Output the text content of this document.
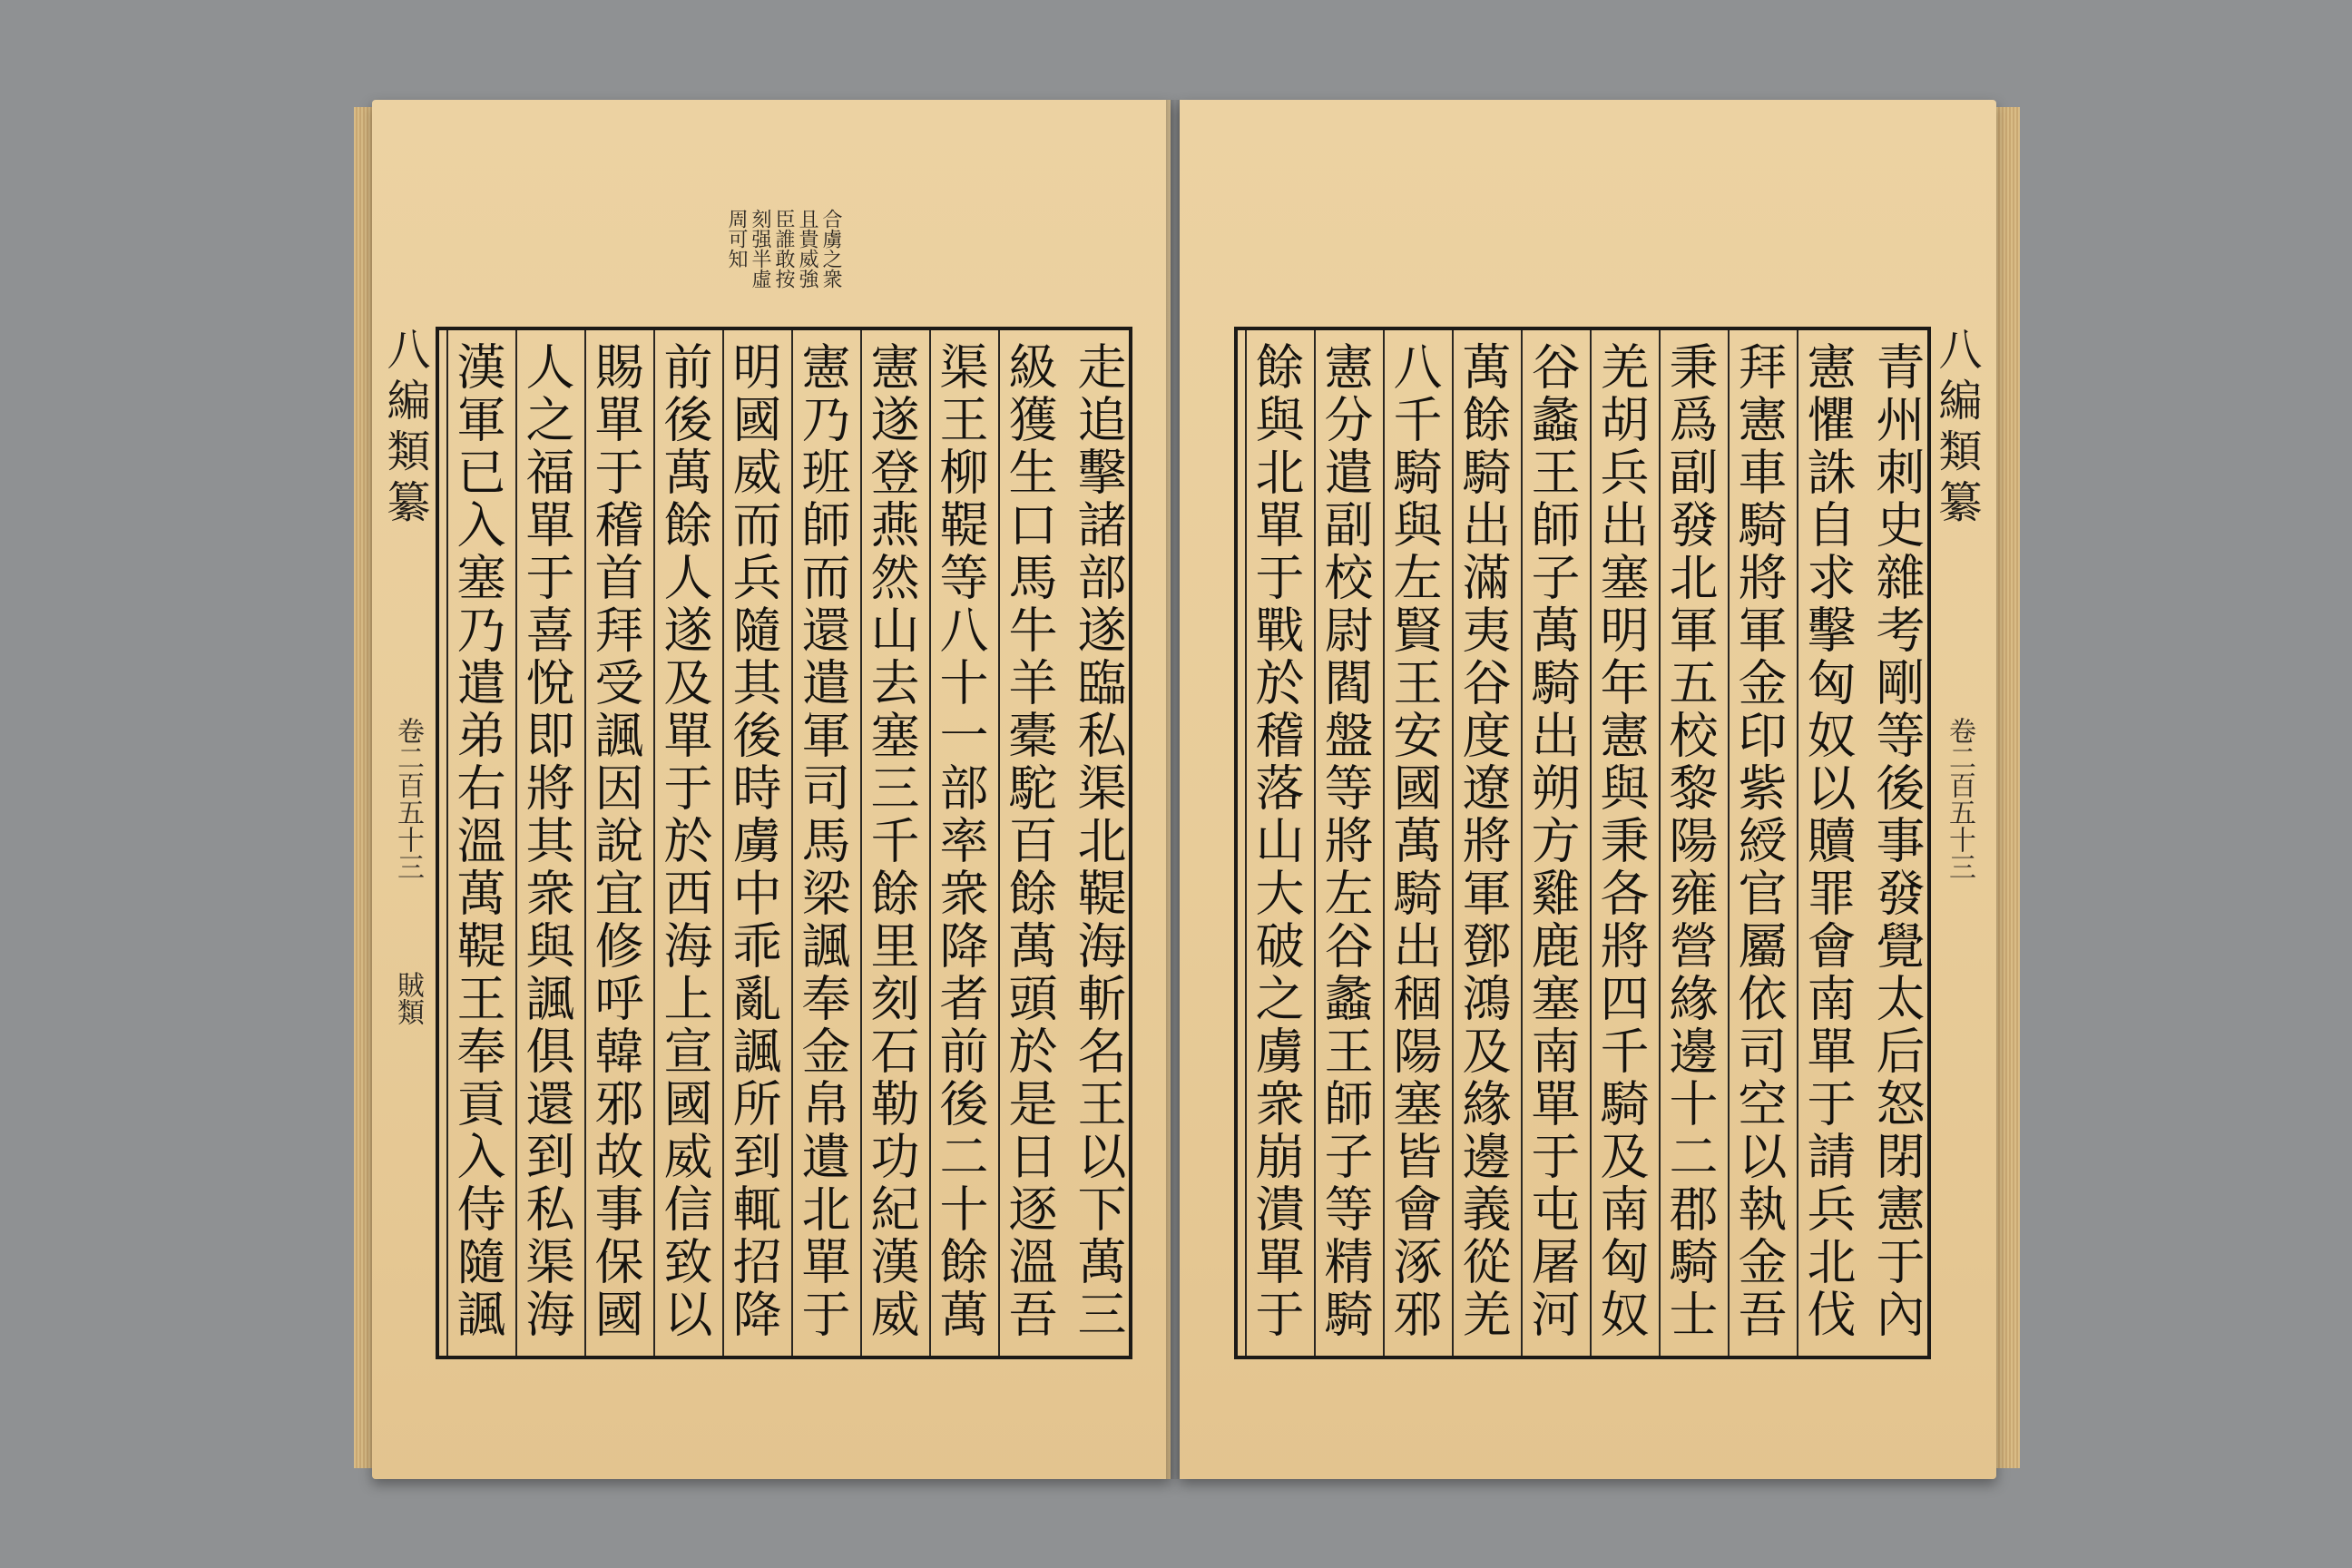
周可知 刻强半虛 臣誰敢按 且貴威強 合虜之衆
八編類纂
卷二百五十三
賊類
走追擊諸部遂臨私渠北鞮海斬名王以下萬三
級獲生口馬牛羊橐駝百餘萬頭於是日逐溫吾
渠王柳鞮等八十一部率衆降者前後二十餘萬
憲遂登燕然山去塞三千餘里刻石勒功紀漢威
憲乃班師而還遣軍司馬梁諷奉金帛遺北單于
明國威而兵隨其後時虜中乖亂諷所到輒招降
前後萬餘人遂及單于於西海上宣國威信致以
賜單于稽首拜受諷因說宜修呼韓邪故事保國
人之福單于喜悅即將其衆與諷俱還到私渠海
漢軍已入塞乃遣弟右溫萬鞮王奉貢入侍隨諷
青州刺史雜考剛等後事發覺太后怒閉憲于內
憲懼誅自求擊匈奴以贖罪會南單于請兵北伐
拜憲車騎將軍金印紫綬官屬依司空以執金吾
秉爲副發北軍五校黎陽雍營緣邊十二郡騎士
羌胡兵出塞明年憲與秉各將四千騎及南匈奴
谷蠡王師子萬騎出朔方雞鹿塞南單于屯屠河
萬餘騎出滿夷谷度遼將軍鄧鴻及緣邊義從羌
八千騎與左賢王安國萬騎出稒陽塞皆會涿邪
憲分遣副校尉閻盤等將左谷蠡王師子等精騎
餘與北單于戰於稽落山大破之虜衆崩潰單于
八編類纂
卷二百五十三
